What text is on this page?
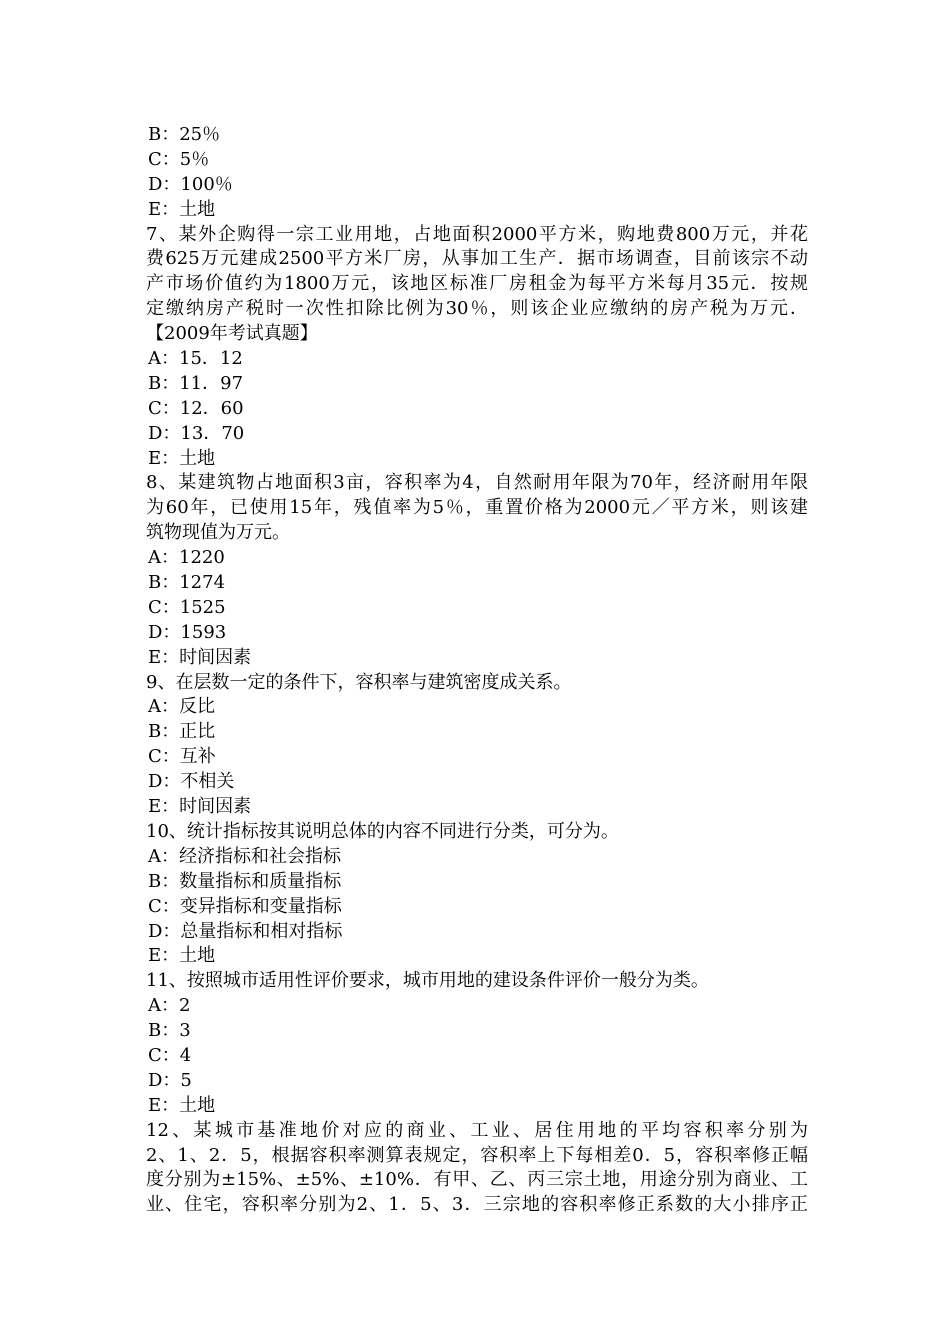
B：25％
C：5％
D：100％
E：土地
7、某外企购得一宗工业用地，占地面积2000平方米，购地费800万元，并花
费625万元建成2500平方米厂房，从事加工生产．据市场调查，目前该宗不动
产市场价值约为1800万元，该地区标准厂房租金为每平方米每月35元．按规
定缴纳房产税时一次性扣除比例为30％，则该企业应缴纳的房产税为万元．
【2009年考试真题】
A：15．12
B：11．97
C：12．60
D：13．70
E：土地
8、某建筑物占地面积3亩，容积率为4，自然耐用年限为70年，经济耐用年限
为60年，已使用15年，残值率为5％，重置价格为2000元／平方米，则该建
筑物现值为万元。
A：1220
B：1274
C：1525
D：1593
E：时间因素
9、在层数一定的条件下，容积率与建筑密度成关系。
A：反比
B：正比
C：互补
D：不相关
E：时间因素
10、统计指标按其说明总体的内容不同进行分类，可分为。
A：经济指标和社会指标
B：数量指标和质量指标
C：变异指标和变量指标
D：总量指标和相对指标
E：土地
11、按照城市适用性评价要求，城市用地的建设条件评价一般分为类。
A：2
B：3
C：4
D：5
E：土地
12、某城市基准地价对应的商业、工业、居住用地的平均容积率分别为
2、1、2．5，根据容积率测算表规定，容积率上下每相差0．5，容积率修正幅
度分别为±15%、±5%、±10%．有甲、乙、丙三宗土地，用途分别为商业、工
业、住宅，容积率分别为2、1．5、3．三宗地的容积率修正系数的大小排序正
